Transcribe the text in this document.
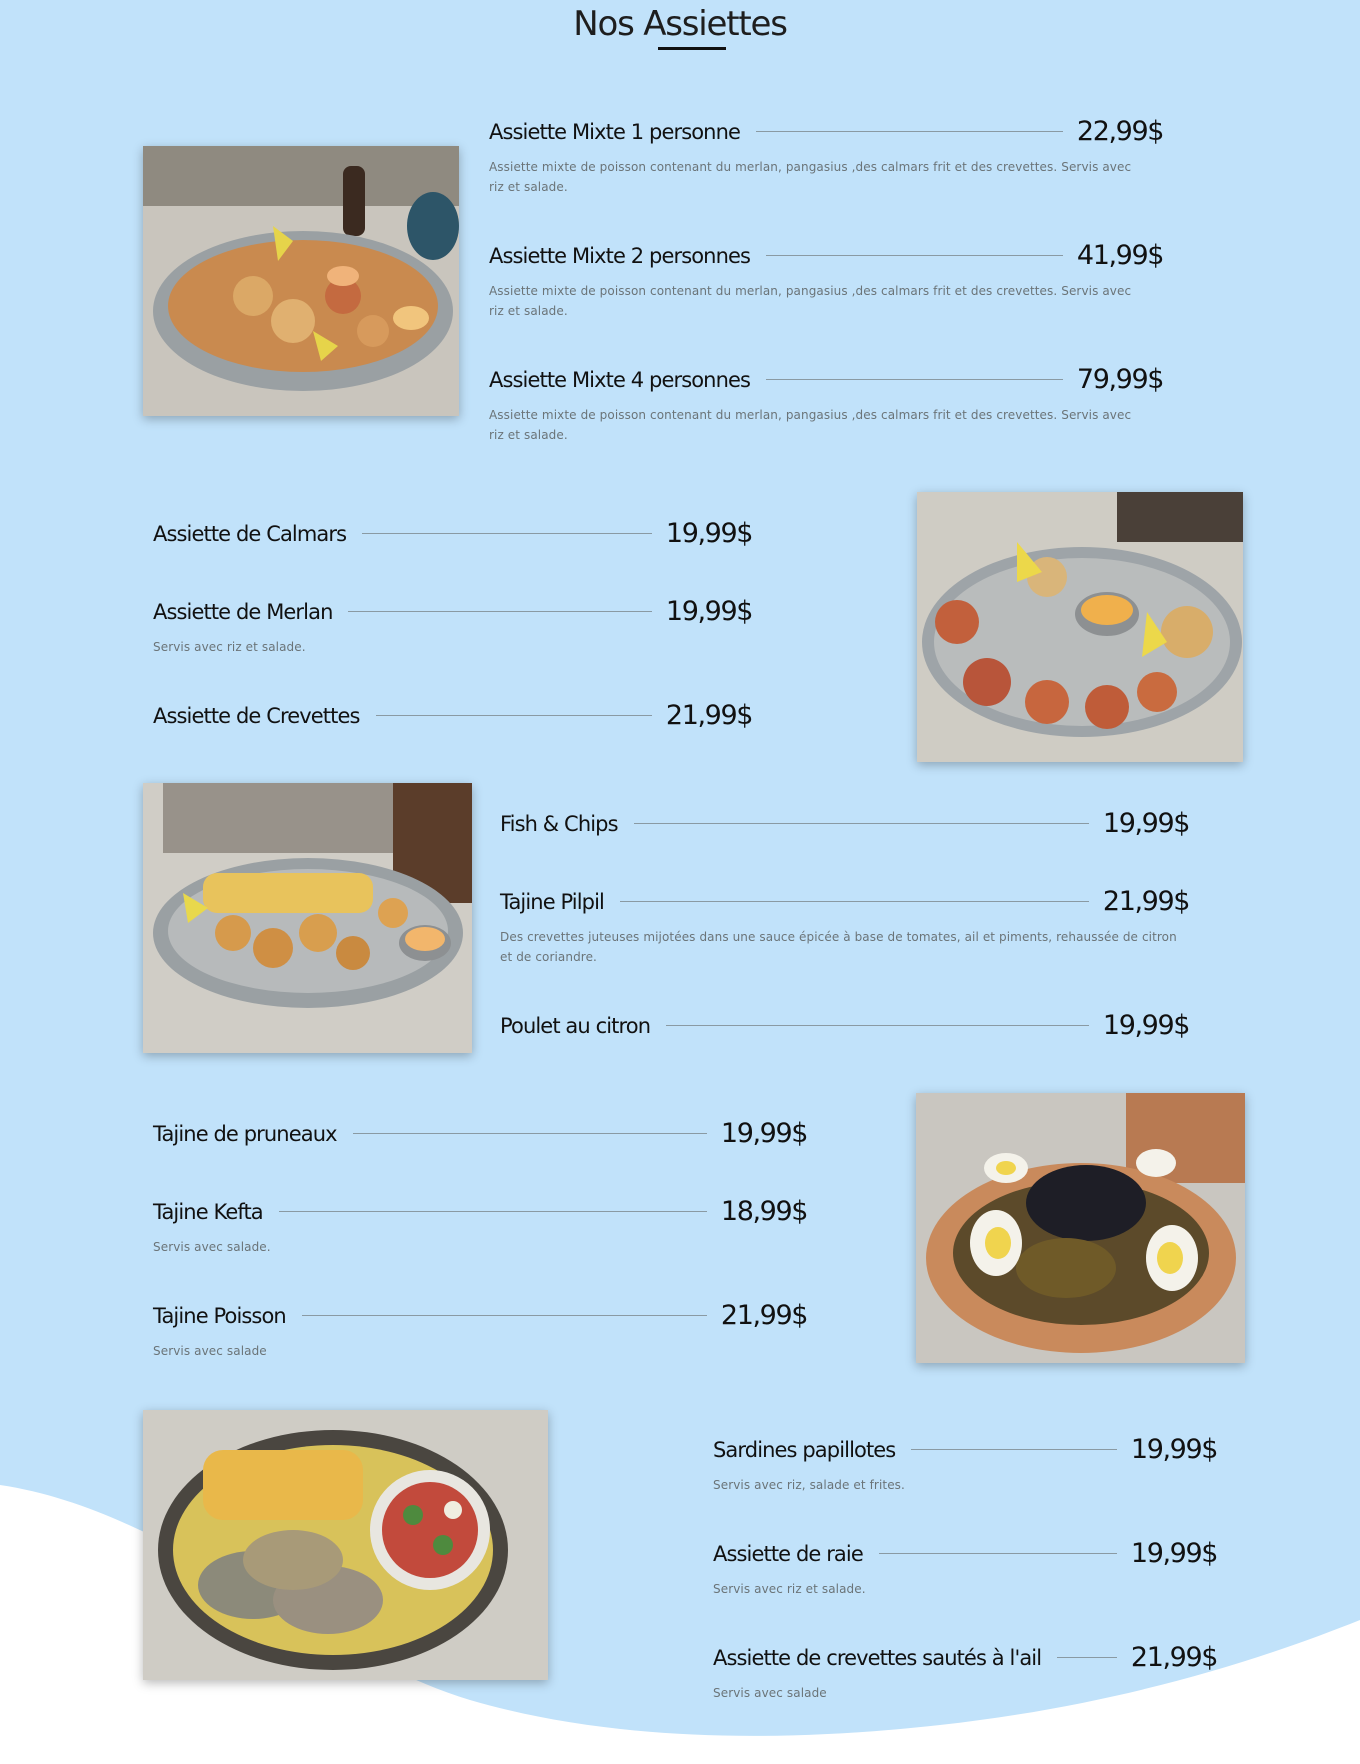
Nos Assiettes
Assiette Mixte 1 personne	22,99$
Assiette mixte de poisson contenant du merlan, pangasius ,des calmars frit et des crevettes. Servis avec riz et salade.
Assiette Mixte 2 personnes	41,99$
Assiette mixte de poisson contenant du merlan, pangasius ,des calmars frit et des crevettes. Servis avec riz et salade.
Assiette Mixte 4 personnes	79,99$
Assiette mixte de poisson contenant du merlan, pangasius ,des calmars frit et des crevettes. Servis avec riz et salade.
Assiette de Calmars	19,99$
Assiette de Merlan	19,99$
Servis avec riz et salade.
Assiette de Crevettes	21,99$
Fish & Chips	19,99$
Tajine Pilpil	21,99$
Des crevettes juteuses mijotées dans une sauce épicée à base de tomates, ail et piments, rehaussée de citron et de coriandre.
Poulet au citron	19,99$
Tajine de pruneaux	19,99$
Tajine Kefta	18,99$
Servis avec salade.
Tajine Poisson	21,99$
Servis avec salade
Sardines papillotes	19,99$
Servis avec riz, salade et frites.
Assiette de raie	19,99$
Servis avec riz et salade.
Assiette de crevettes sautés à l'ail	21,99$
Servis avec salade
